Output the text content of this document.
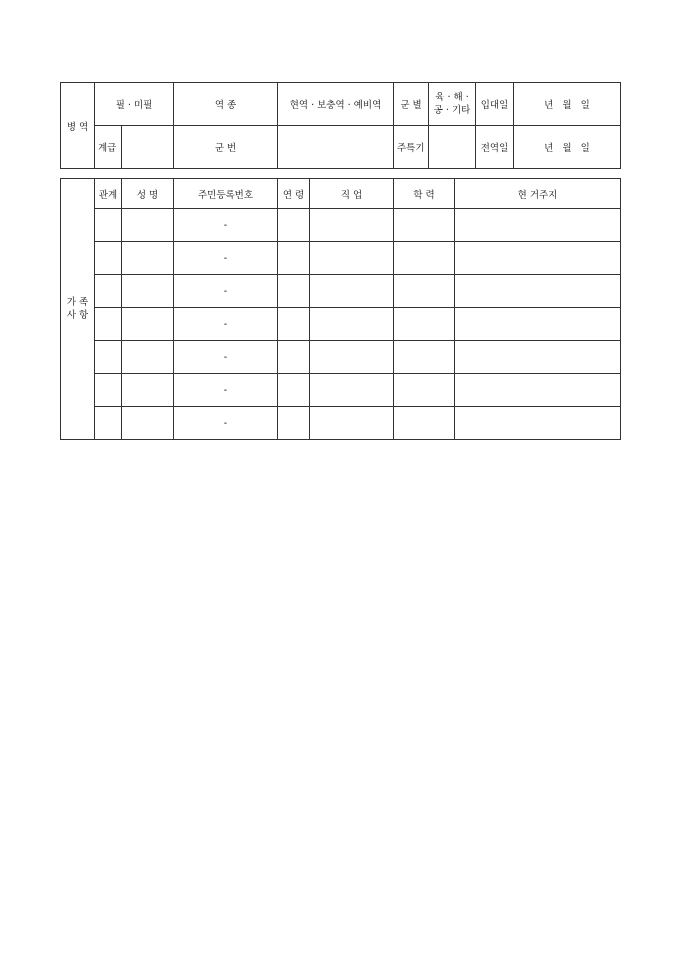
병 역	필 · 미필		역 종	현역 · 보충역 · 예비역	군 별	육 · 해 ·
공 · 기타	입대일	년   월   일
	계급		군 번		주특기		전역일	년   월   일
가 족
사 항	관계	성 명	주민등록번호	연 령	직 업	학 력	현 거주지
			-				
			-				
			-				
			-				
			-				
			-				
			-				
